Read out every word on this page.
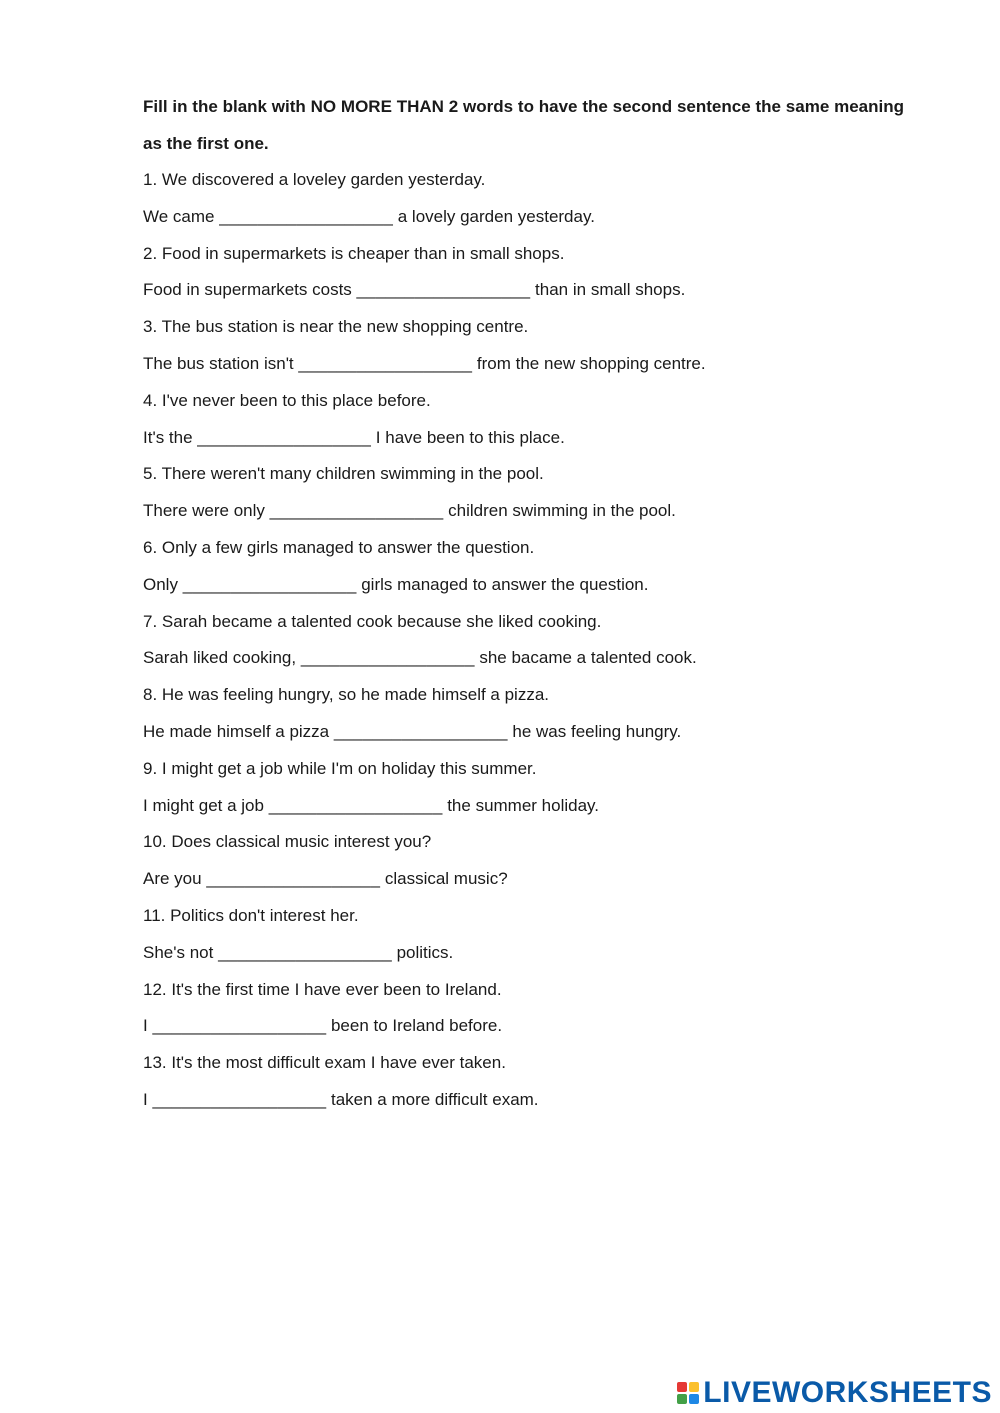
Fill in the blank with NO MORE THAN 2 words to have the second sentence the same meaning as the first one.

1. We discovered a loveley garden yesterday.
We came __________________ a lovely garden yesterday.
2. Food in supermarkets is cheaper than in small shops.
Food in supermarkets costs __________________ than in small shops.
3. The bus station is near the new shopping centre.
The bus station isn't __________________ from the new shopping centre.
4. I've never been to this place before.
It's the __________________ I have been to this place.
5. There weren't many children swimming in the pool.
There were only __________________ children swimming in the pool.
6. Only a few girls managed to answer the question.
Only __________________ girls managed to answer the question.
7. Sarah became a talented cook because she liked cooking.
Sarah liked cooking, __________________ she bacame a talented cook.
8. He was feeling hungry, so he made himself a pizza.
He made himself a pizza __________________ he was feeling hungry.
9. I might get a job while I'm on holiday this summer.
I might get a job __________________ the summer holiday.
10. Does classical music interest you?
Are you __________________ classical music?
11. Politics don't interest her.
She's not __________________ politics.
12. It's the first time I have ever been to Ireland.
I __________________ been to Ireland before.
13. It's the most difficult exam I have ever taken.
I __________________ taken a more difficult exam.
LIVEWORKSHEETS
